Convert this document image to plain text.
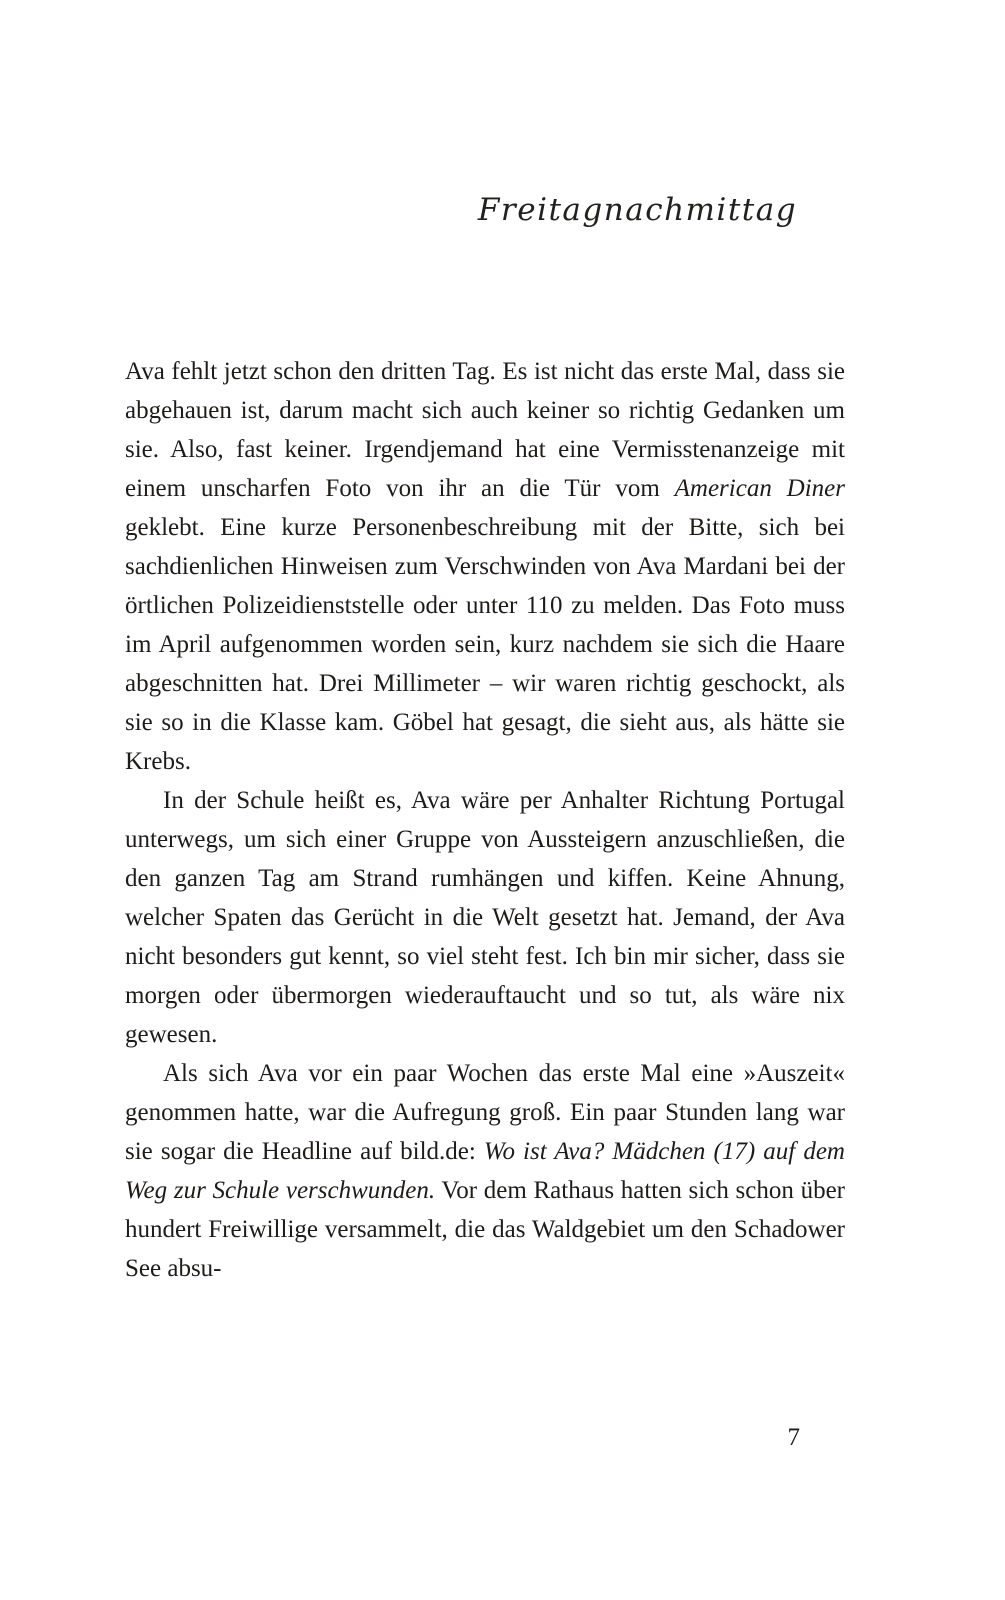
Freitagnachmittag

Ava fehlt jetzt schon den dritten Tag. Es ist nicht das erste Mal, dass sie abgehauen ist, darum macht sich auch keiner so richtig Gedanken um sie. Also, fast keiner. Irgendjemand hat eine Vermisstenanzeige mit einem unscharfen Foto von ihr an die Tür vom American Diner geklebt. Eine kurze Personenbeschreibung mit der Bitte, sich bei sachdienlichen Hinweisen zum Verschwinden von Ava Mardani bei der örtlichen Polizeidienststelle oder unter 110 zu melden. Das Foto muss im April aufgenommen worden sein, kurz nachdem sie sich die Haare abgeschnitten hat. Drei Millimeter – wir waren richtig geschockt, als sie so in die Klasse kam. Göbel hat gesagt, die sieht aus, als hätte sie Krebs.

In der Schule heißt es, Ava wäre per Anhalter Richtung Portugal unterwegs, um sich einer Gruppe von Aussteigern anzuschließen, die den ganzen Tag am Strand rumhängen und kiffen. Keine Ahnung, welcher Spaten das Gerücht in die Welt gesetzt hat. Jemand, der Ava nicht besonders gut kennt, so viel steht fest. Ich bin mir sicher, dass sie morgen oder übermorgen wiederauftaucht und so tut, als wäre nix gewesen.

Als sich Ava vor ein paar Wochen das erste Mal eine »Auszeit« genommen hatte, war die Aufregung groß. Ein paar Stunden lang war sie sogar die Headline auf bild.de: Wo ist Ava? Mädchen (17) auf dem Weg zur Schule verschwunden. Vor dem Rathaus hatten sich schon über hundert Freiwillige versammelt, die das Waldgebiet um den Schadower See absu-

7
